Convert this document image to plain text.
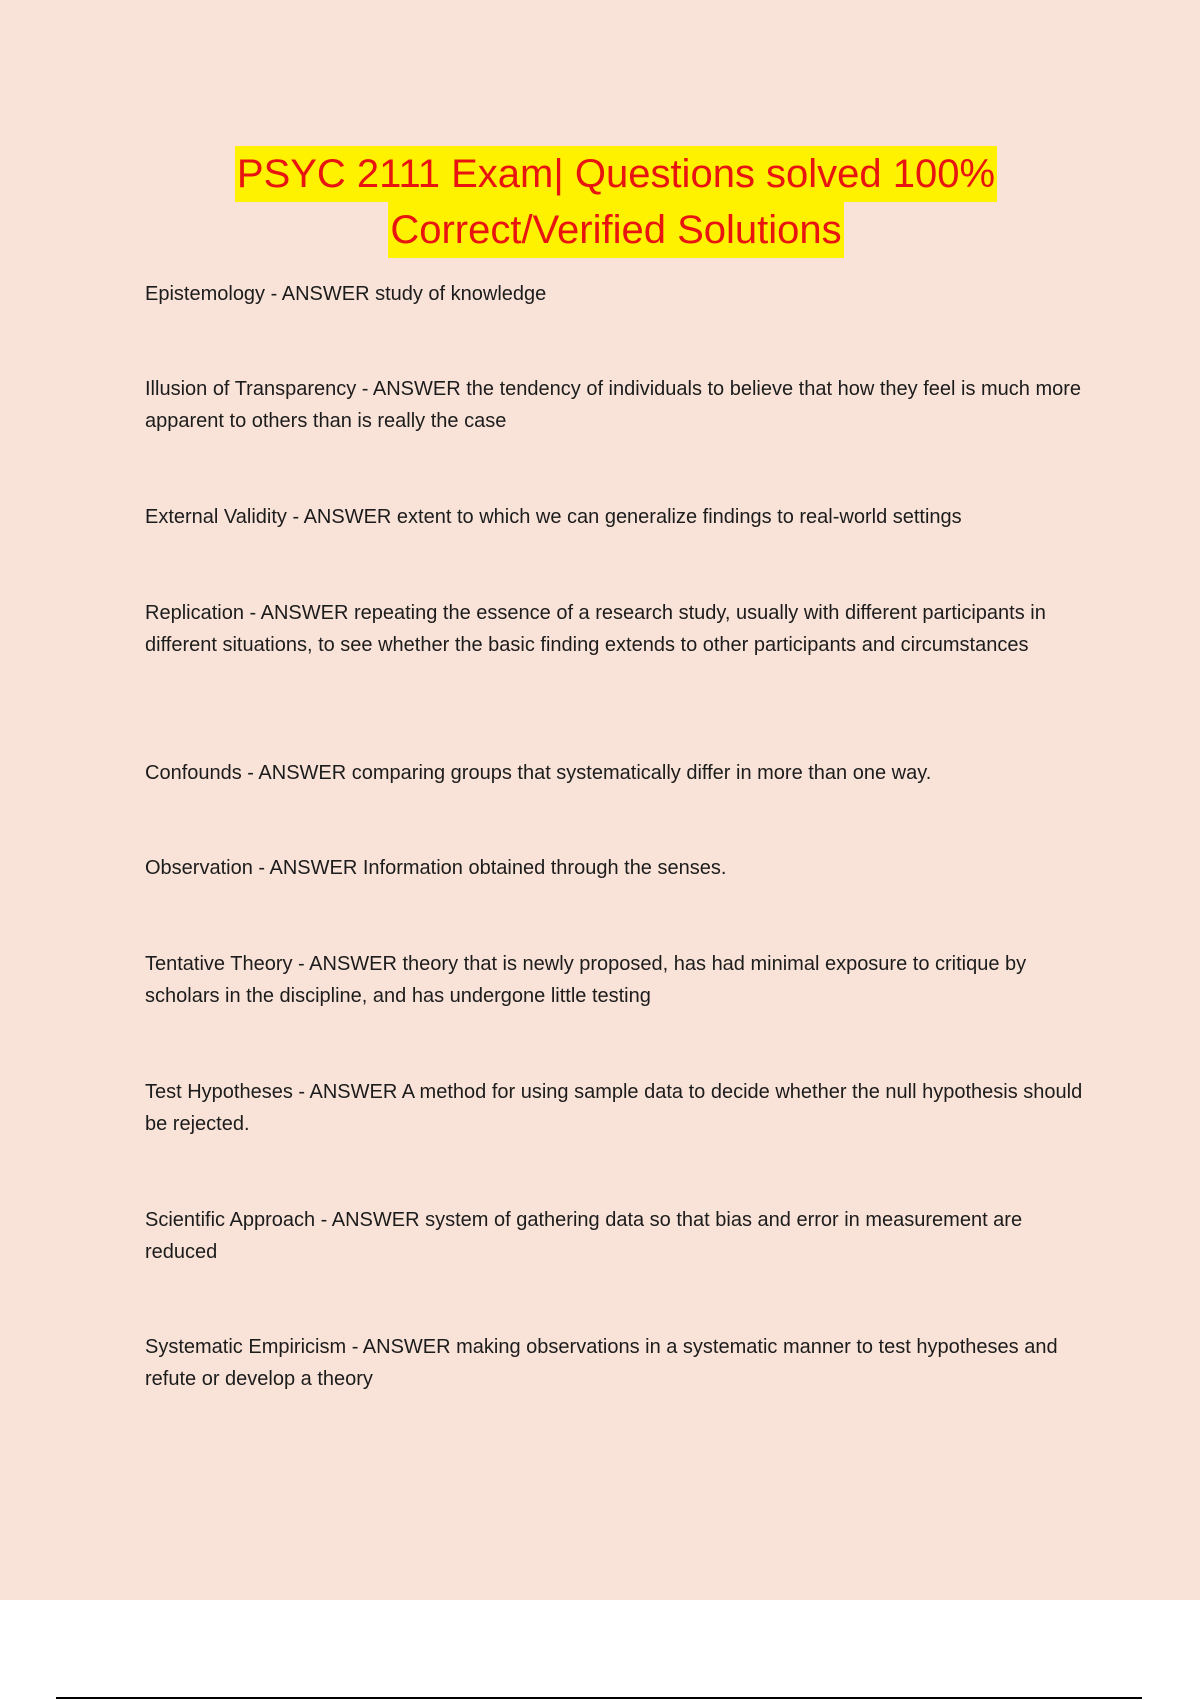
PSYC 2111 Exam| Questions solved 100%
Correct/Verified Solutions
Epistemology - ANSWER study of knowledge
Illusion of Transparency - ANSWER the tendency of individuals to believe that how they feel is much more apparent to others than is really the case
External Validity - ANSWER extent to which we can generalize findings to real-world settings
Replication - ANSWER repeating the essence of a research study, usually with different participants in different situations, to see whether the basic finding extends to other participants and circumstances
Confounds - ANSWER comparing groups that systematically differ in more than one way.
Observation - ANSWER Information obtained through the senses.
Tentative Theory - ANSWER theory that is newly proposed, has had minimal exposure to critique by scholars in the discipline, and has undergone little testing
Test Hypotheses - ANSWER A method for using sample data to decide whether the null hypothesis should be rejected.
Scientific Approach - ANSWER system of gathering data so that bias and error in measurement are reduced
Systematic Empiricism - ANSWER making observations in a systematic manner to test hypotheses and refute or develop a theory
